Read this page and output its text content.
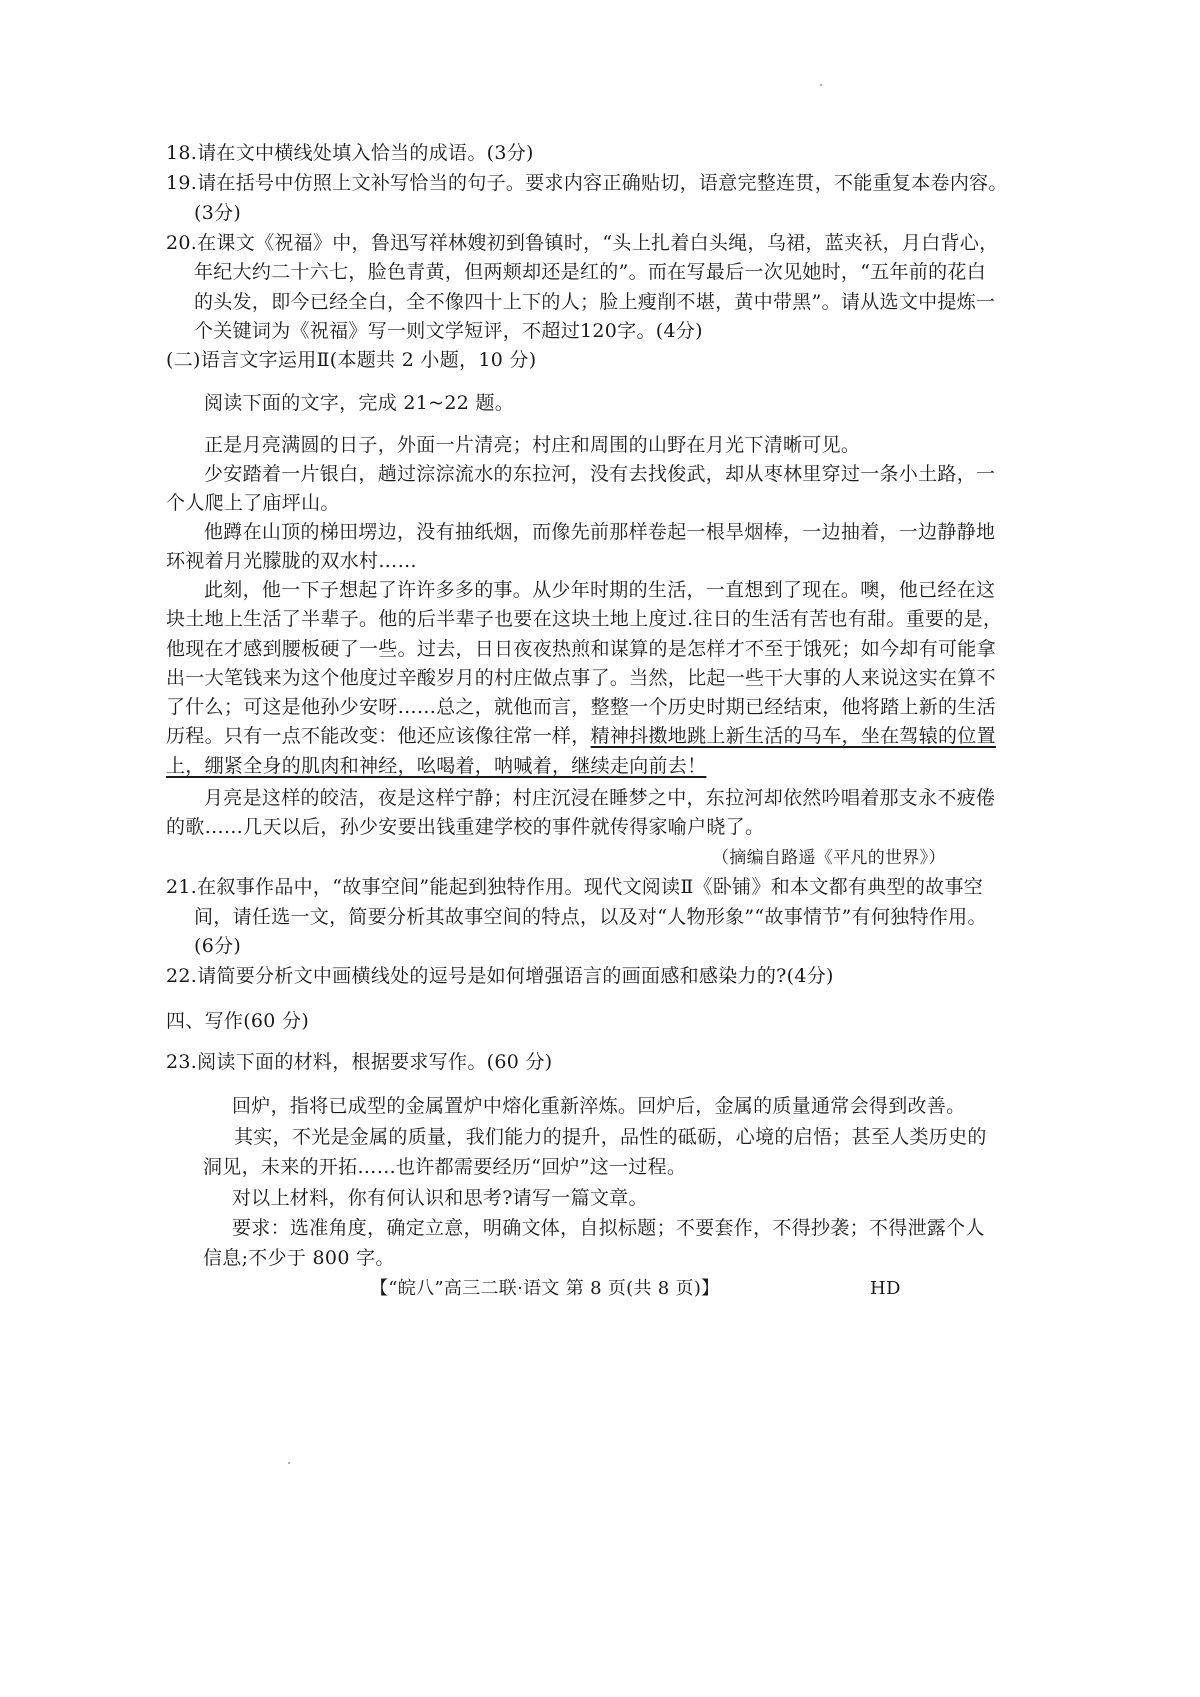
18.请在文中横线处填入恰当的成语。(3分)
19.请在括号中仿照上文补写恰当的句子。要求内容正确贴切，语意完整连贯，不能重复本卷内容。
(3分)
20.在课文《祝福》中，鲁迅写祥林嫂初到鲁镇时，“头上扎着白头绳，乌裙，蓝夹袄，月白背心，
年纪大约二十六七，脸色青黄，但两颊却还是红的”。而在写最后一次见她时，“五年前的花白
的头发，即今已经全白，全不像四十上下的人；脸上瘦削不堪，黄中带黑”。请从选文中提炼一
个关键词为《祝福》写一则文学短评，不超过120字。(4分)
(二)语言文字运用Ⅱ(本题共 2 小题，10 分)
阅读下面的文字，完成 21~22 题。
正是月亮满圆的日子，外面一片清亮；村庄和周围的山野在月光下清晰可见。
少安踏着一片银白，趟过淙淙流水的东拉河，没有去找俊武，却从枣林里穿过一条小土路，一
个人爬上了庙坪山。
他蹲在山顶的梯田塄边，没有抽纸烟，而像先前那样卷起一根旱烟棒，一边抽着，一边静静地
环视着月光朦胧的双水村……
此刻，他一下子想起了许许多多的事。从少年时期的生活，一直想到了现在。噢，他已经在这
块土地上生活了半辈子。他的后半辈子也要在这块土地上度过.往日的生活有苦也有甜。重要的是，
他现在才感到腰板硬了一些。过去，日日夜夜热煎和谋算的是怎样才不至于饿死；如今却有可能拿
出一大笔钱来为这个他度过辛酸岁月的村庄做点事了。当然，比起一些干大事的人来说这实在算不
了什么；可这是他孙少安呀……总之，就他而言，整整一个历史时期已经结束，他将踏上新的生活
历程。只有一点不能改变：他还应该像往常一样，精神抖擞地跳上新生活的马车，坐在驾辕的位置
上，绷紧全身的肌肉和神经，吆喝着，呐喊着，继续走向前去！
月亮是这样的皎洁，夜是这样宁静；村庄沉浸在睡梦之中，东拉河却依然吟唱着那支永不疲倦
的歌……几天以后，孙少安要出钱重建学校的事件就传得家喻户晓了。
（摘编自路遥《平凡的世界》）
21.在叙事作品中，“故事空间”能起到独特作用。现代文阅读Ⅱ《卧铺》和本文都有典型的故事空
间，请任选一文，简要分析其故事空间的特点，以及对“人物形象”“故事情节”有何独特作用。
(6分)
22.请简要分析文中画横线处的逗号是如何增强语言的画面感和感染力的?(4分)
四、写作(60 分)
23.阅读下面的材料，根据要求写作。(60 分)
回炉，指将已成型的金属置炉中熔化重新淬炼。回炉后，金属的质量通常会得到改善。
其实，不光是金属的质量，我们能力的提升，品性的砥砺，心境的启悟；甚至人类历史的
洞见，未来的开拓……也许都需要经历“回炉”这一过程。
对以上材料，你有何认识和思考?请写一篇文章。
要求：选准角度，确定立意，明确文体，自拟标题；不要套作，不得抄袭；不得泄露个人
信息;不少于 800 字。
【“皖八”高三二联·语文 第 8 页(共 8 页)】	HD
